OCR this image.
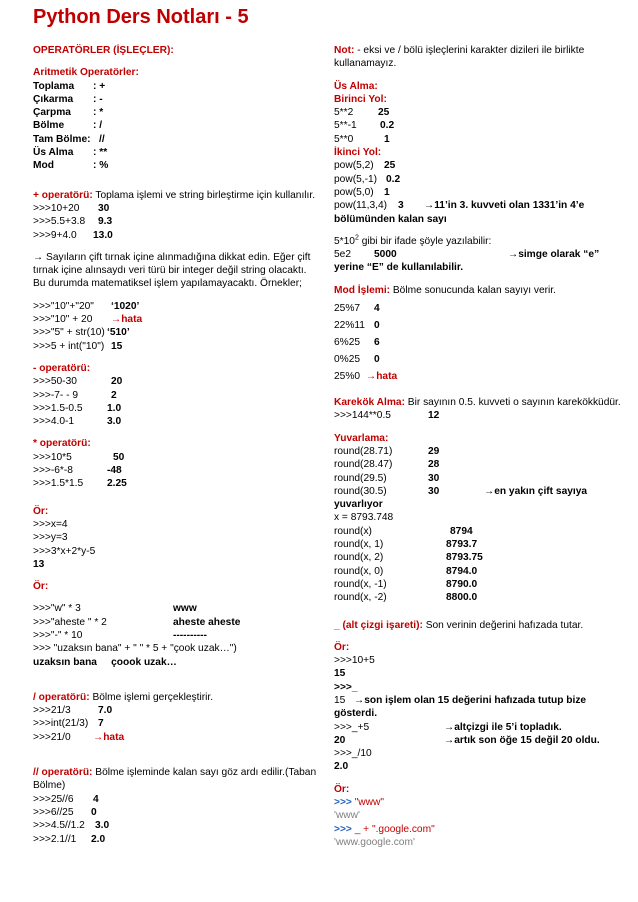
Python Ders Notları - 5
OPERATÖRLER (İŞLEÇLER):
Aritmetik Operatörler:
Toplama : +
Çıkarma : -
Çarpma : *
Bölme	: /
Tam Bölme: //
Üs Alma : **
Mod	: %
+ operatörü: Toplama işlemi ve string birleştirme için kullanılır.
>>>10+20 30
>>>5.5+3.8 9.3
>>>9+4.0 13.0
→ Sayıların çift tırnak içine alınmadığına dikkat edin. Eğer çift tırnak içine alınsaydı veri türü bir integer değil string olacaktı. Bu durumda matematiksel işlem yapılamayacaktı. Örnekler;
>>>"10"+"20" ‘1020’
>>>"10" + 20 →hata
>>>"5" + str(10) ‘510’
>>>5 + int("10") 15
- operatörü:
>>>50-30	20
>>>-7- - 9	2
>>>1.5-0.5 1.0
>>>4.0-1	3.0
* operatörü:
>>>10*5	50
>>>-6*-8	-48
>>>1.5*1.5 2.25
Ör:
>>>x=4
>>>y=3
>>>3*x+2*y-5
13
Ör:
>>>"w" * 3	www
>>>"aheste " * 2	aheste aheste
>>>"-" * 10	----------
>>> "uzaksın bana" + " " * 5 + "çook uzak…")
uzaksın bana     çoook uzak…
/ operatörü: Bölme işlemi gerçekleştirir.
>>>21/3	7.0
>>>int(21/3) 7
>>>21/0 →hata
// operatörü: Bölme işleminde kalan sayı göz ardı edilir.(Taban Bölme)
>>>25//6 4
>>>6//25 0
>>>4.5//1.2 3.0
>>>2.1//1 2.0
Not: - eksi ve / bölü işleçlerini karakter dizileri ile birlikte kullanamayız.
Üs Alma:
Birinci Yol:
5**2 25
5**-1 0.2
5**0	1
İkinci Yol:
pow(5,2) 25
pow(5,-1) 0.2
pow(5,0) 1
pow(11,3,4) 3 →11’in 3. kuvveti olan 1331’in 4’e bölümünden kalan sayı
$5*10^2$ gibi bir ifade şöyle yazılabilir:
5e2 5000	→simge olarak “e” yerine “E” de kullanılabilir.
Mod İşlemi: Bölme sonucunda kalan sayıyı verir.
25%7 4
22%11 0
6%25 6
0%25 0
25%0 →hata
Karekök Alma: Bir sayının 0.5. kuvveti o sayının karekökküdür.
>>>144**0.5	12
Yuvarlama:
round(28.71)	29
round(28.47)	28
round(29.5)	30
round(30.5)	30	→en yakın çift sayıya yuvarlıyor
x = 8793.748
round(x)	8794
round(x, 1)	8793.7
round(x, 2)	8793.75
round(x, 0)	8794.0
round(x, -1)	8790.0
round(x, -2)	8800.0
_ (alt çizgi işareti): Son verinin değerini hafızada tutar.
Ör:
>>>10+5
15
>>>_
15 →son işlem olan 15 değerini hafızada tutup bize gösterdi.
>>>_+5	→altçizgi ile 5’i topladık.
20	→artık son öğe 15 değil 20 oldu.
>>>_/10
2.0
Ör:
>>> "www"
'www'
>>> _ + ".google.com"
'www.google.com'
